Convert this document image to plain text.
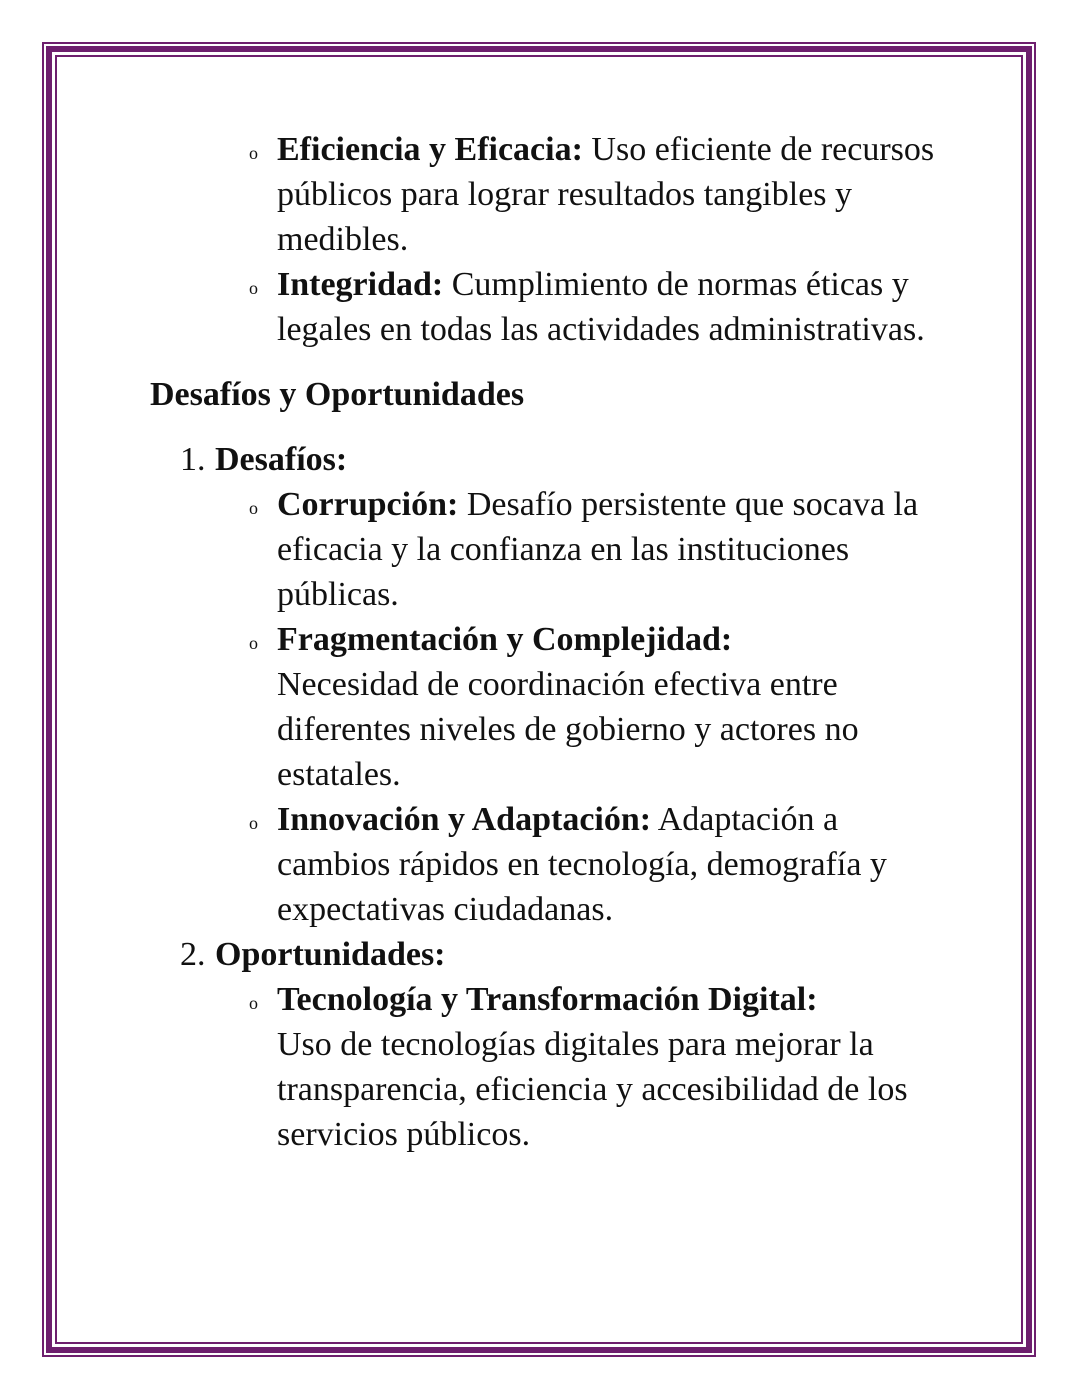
o Eficiencia y Eficacia: Uso eficiente de recursos públicos para lograr resultados tangibles y medibles.
o Integridad: Cumplimiento de normas éticas y legales en todas las actividades administrativas.
Desafíos y Oportunidades
1. Desafíos:
o Corrupción: Desafío persistente que socava la eficacia y la confianza en las instituciones públicas.
o Fragmentación y Complejidad:
Necesidad de coordinación efectiva entre diferentes niveles de gobierno y actores no estatales.
o Innovación y Adaptación: Adaptación a cambios rápidos en tecnología, demografía y expectativas ciudadanas.
2. Oportunidades:
o Tecnología y Transformación Digital:
Uso de tecnologías digitales para mejorar la transparencia, eficiencia y accesibilidad de los servicios públicos.
